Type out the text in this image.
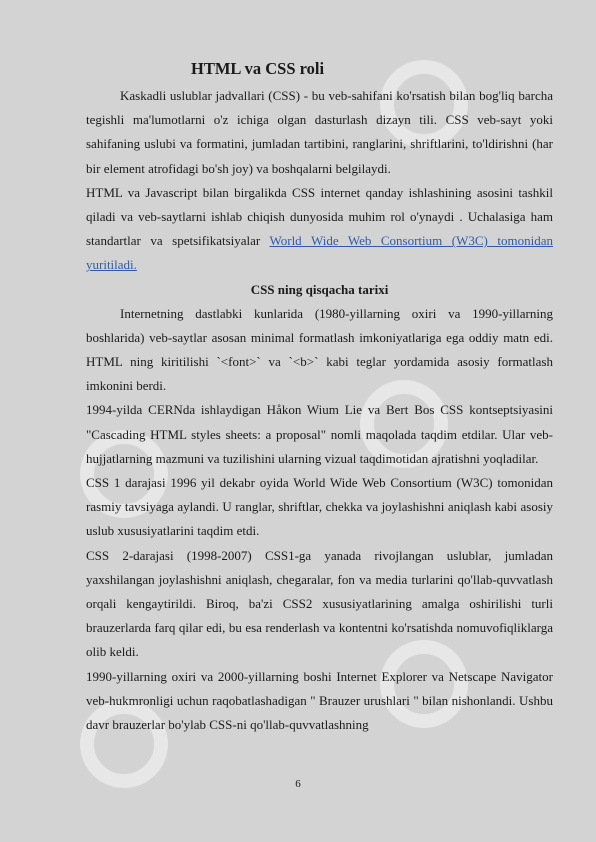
HTML va CSS roli

Kaskadli uslublar jadvallari (CSS) - bu veb-sahifani ko'rsatish bilan bog'liq barcha tegishli ma'lumotlarni o'z ichiga olgan dasturlash dizayn tili. CSS veb-sayt yoki sahifaning uslubi va formatini, jumladan tartibini, ranglarini, shriftlarini, to'ldirishni (har bir element atrofidagi bo'sh joy) va boshqalarni belgilaydi.

HTML va Javascript bilan birgalikda CSS internet qanday ishlashining asosini tashkil qiladi va veb-saytlarni ishlab chiqish dunyosida muhim rol o'ynaydi . Uchalasiga ham standartlar va spetsifikatsiyalar World Wide Web Consortium (W3C) tomonidan yuritiladi.

CSS ning qisqacha tarixi

Internetning dastlabki kunlarida (1980-yillarning oxiri va 1990-yillarning boshlarida) veb-saytlar asosan minimal formatlash imkoniyatlariga ega oddiy matn edi. HTML ning kiritilishi `<font>` va `<b>` kabi teglar yordamida asosiy formatlash imkonini berdi.

1994-yilda CERNda ishlaydigan Håkon Wium Lie va Bert Bos CSS kontseptsiyasini "Cascading HTML styles sheets: a proposal" nomli maqolada taqdim etdilar. Ular veb-hujjatlarning mazmuni va tuzilishini ularning vizual taqdimotidan ajratishni yoqladilar.

CSS 1 darajasi 1996 yil dekabr oyida World Wide Web Consortium (W3C) tomonidan rasmiy tavsiyaga aylandi. U ranglar, shriftlar, chekka va joylashishni aniqlash kabi asosiy uslub xususiyatlarini taqdim etdi.

CSS 2-darajasi (1998-2007) CSS1-ga yanada rivojlangan uslublar, jumladan yaxshilangan joylashishni aniqlash, chegaralar, fon va media turlarini qo'llab-quvvatlash orqali kengaytirildi. Biroq, ba'zi CSS2 xususiyatlarining amalga oshirilishi turli brauzerlarda farq qilar edi, bu esa renderlash va kontentni ko'rsatishda nomuvofiqliklarga olib keldi.

1990-yillarning oxiri va 2000-yillarning boshi Internet Explorer va Netscape Navigator veb-hukmronligi uchun raqobatlashadigan " Brauzer urushlari " bilan nishonlandi. Ushbu davr brauzerlar bo'ylab CSS-ni qo'llab-quvvatlashning

6
